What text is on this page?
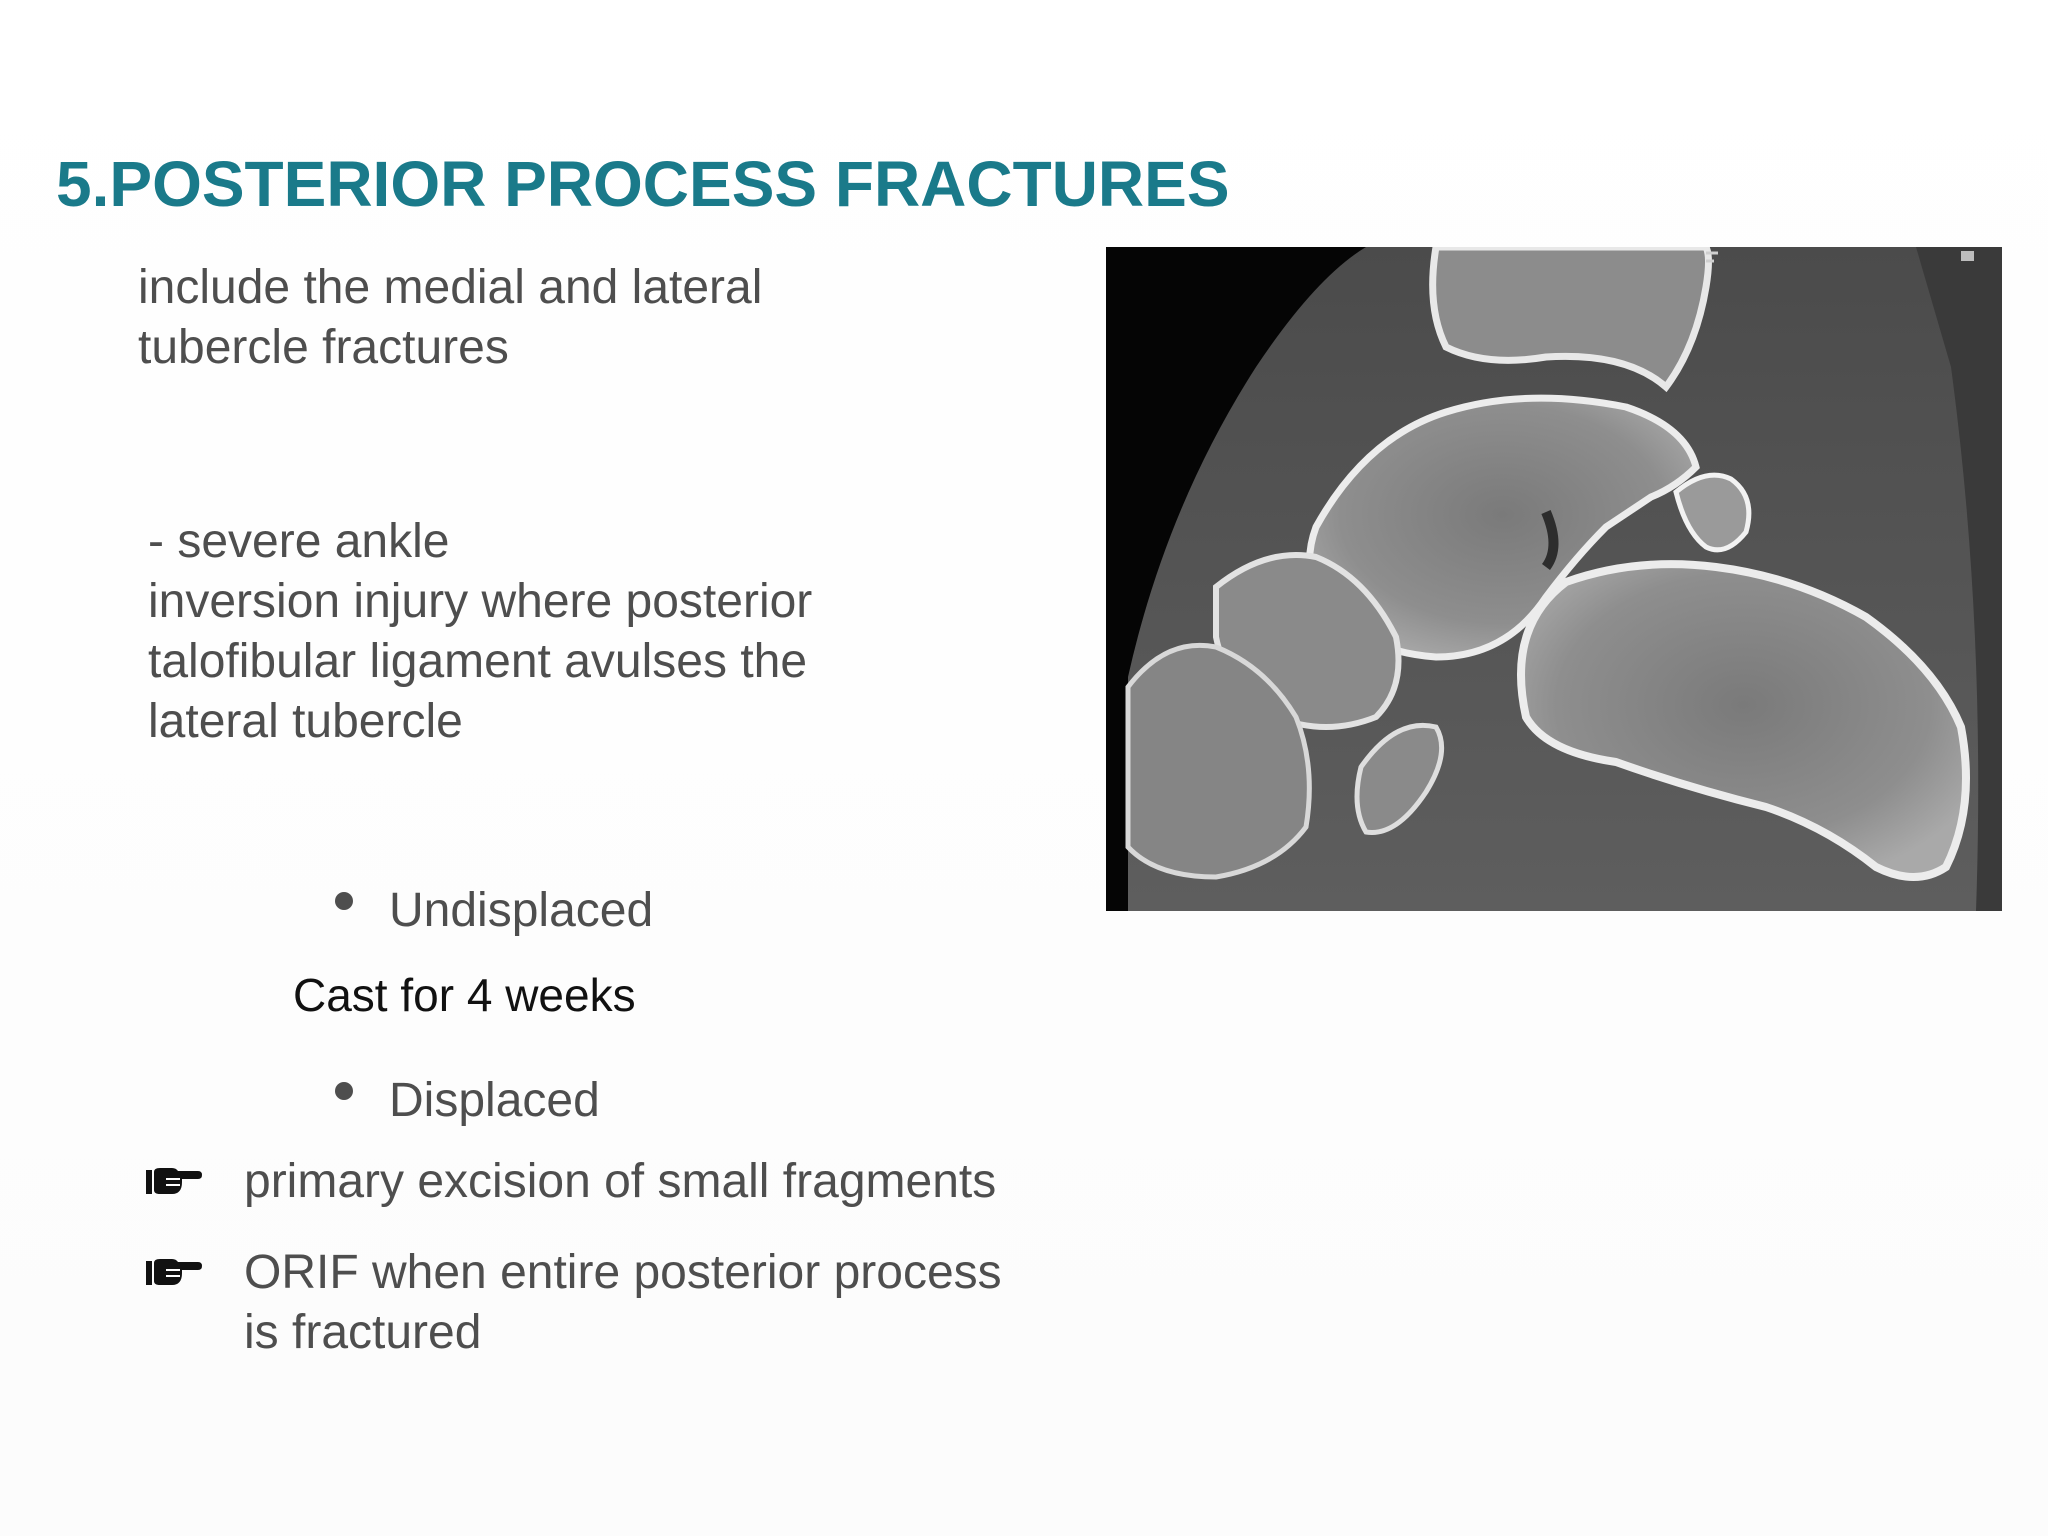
5.POSTERIOR PROCESS FRACTURES
include the medial and lateral
tubercle fractures
- severe ankle
inversion injury where posterior
talofibular ligament avulses the
lateral tubercle
Undisplaced
Cast for 4 weeks
Displaced
primary excision of small fragments
ORIF when entire posterior process
is fractured
